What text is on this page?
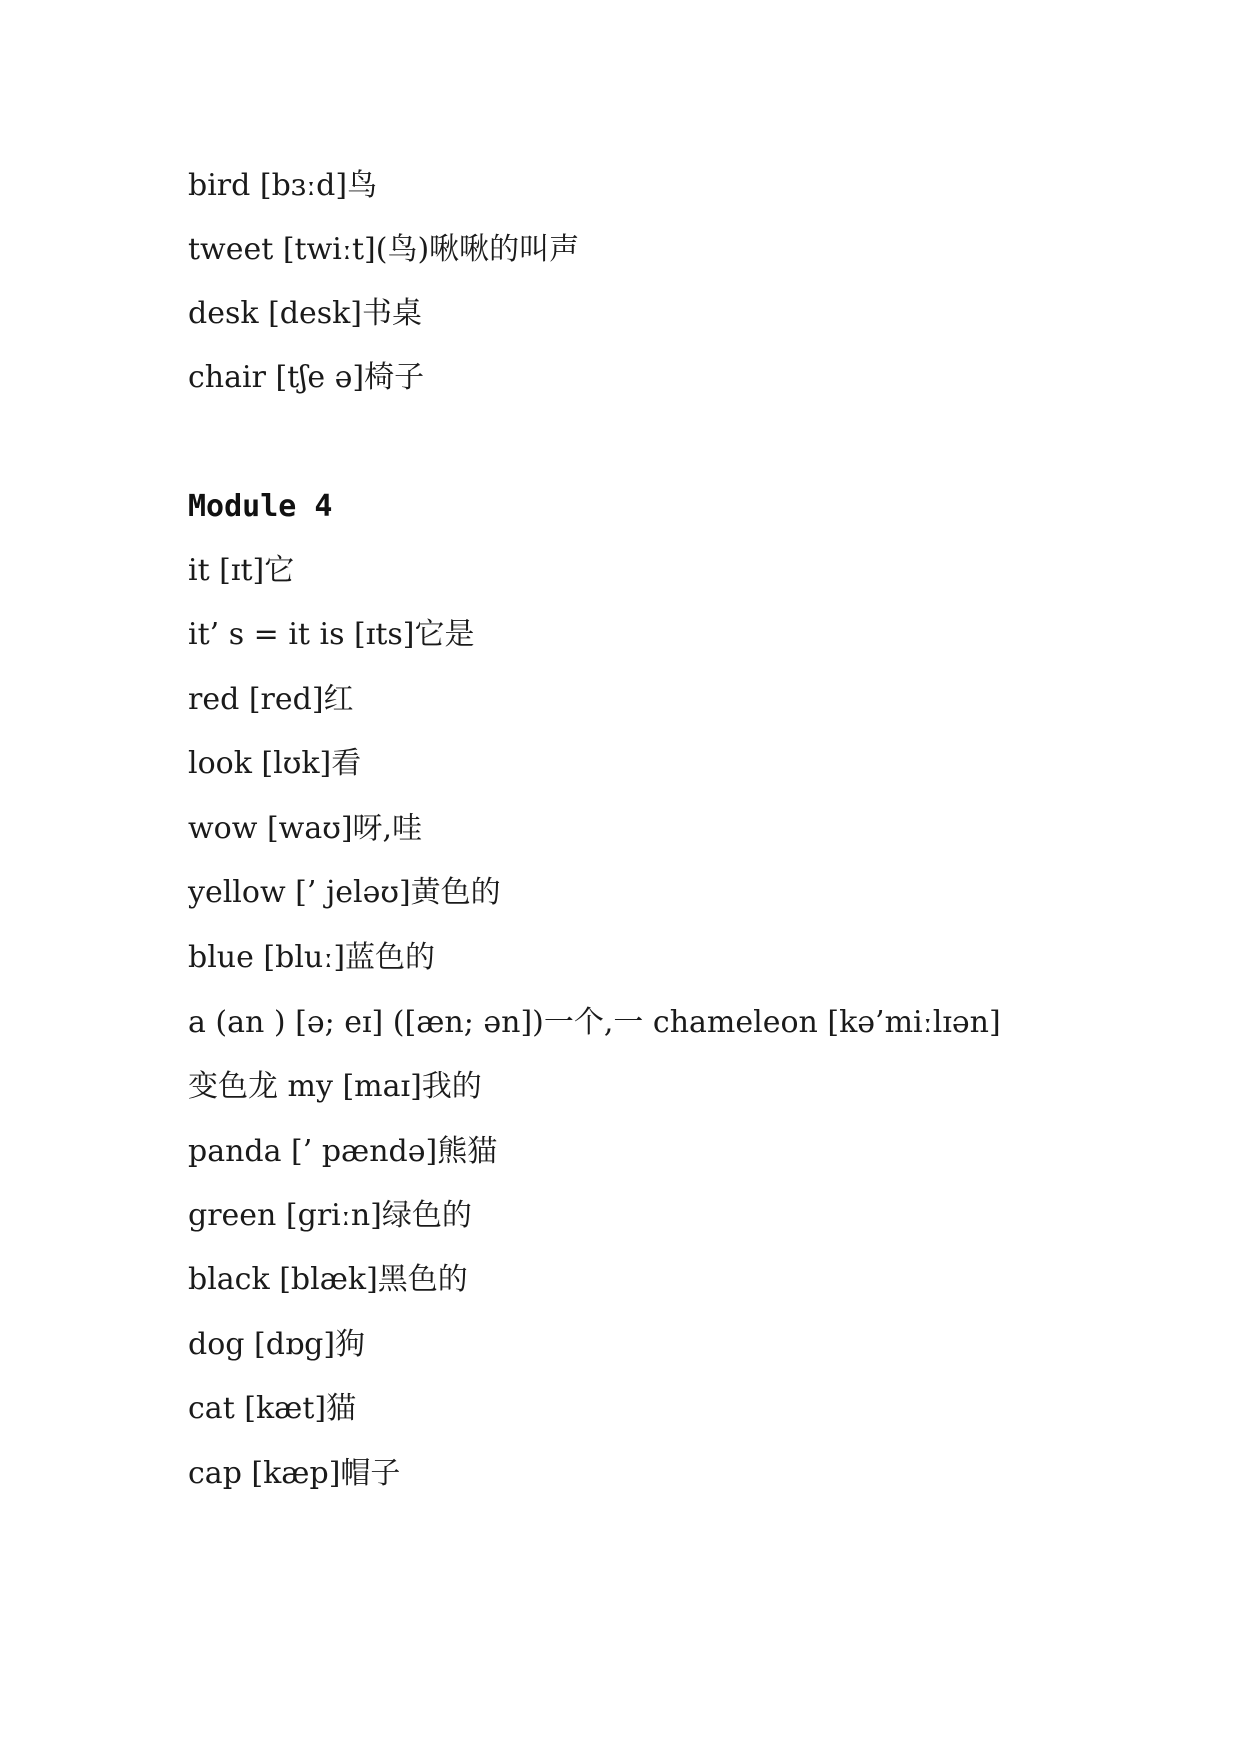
bird [bɜːd]鸟

tweet [twiːt](鸟)啾啾的叫声

desk [desk]书桌

chair [tʃe ə]椅子

Module 4

it [ɪt]它

it’ s = it is [ɪts]它是

red [red]红

look [lʊk]看

wow [waʊ]呀,哇

yellow [’ jeləʊ]黄色的

blue [bluː]蓝色的

a (an ) [ə; eɪ] ([æn; ən])一个,一 chameleon [kə’miːlɪən]

变色龙 my [maɪ]我的

panda [’ pændə]熊猫

green [griːn]绿色的

black [blæk]黑色的

dog [dɒg]狗

cat [kæt]猫

cap [kæp]帽子
